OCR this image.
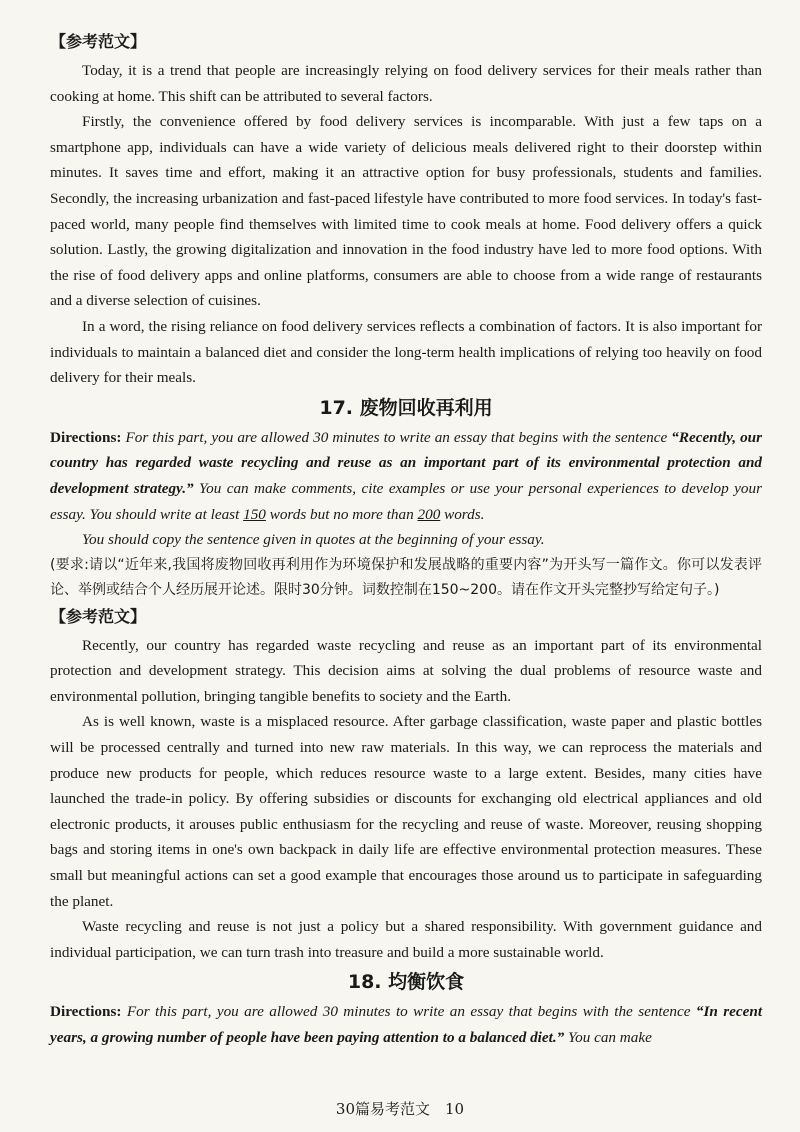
【参考范文】

Today, it is a trend that people are increasingly relying on food delivery services for their meals rather than cooking at home. This shift can be attributed to several factors.

Firstly, the convenience offered by food delivery services is incomparable. With just a few taps on a smartphone app, individuals can have a wide variety of delicious meals delivered right to their doorstep within minutes. It saves time and effort, making it an attractive option for busy professionals, students and families. Secondly, the increasing urbanization and fast-paced lifestyle have contributed to more food services. In today's fast-paced world, many people find themselves with limited time to cook meals at home. Food delivery offers a quick solution. Lastly, the growing digitalization and innovation in the food industry have led to more food options. With the rise of food delivery apps and online platforms, consumers are able to choose from a wide range of restaurants and a diverse selection of cuisines.

In a word, the rising reliance on food delivery services reflects a combination of factors. It is also important for individuals to maintain a balanced diet and consider the long-term health implications of relying too heavily on food delivery for their meals.

17. 废物回收再利用

Directions: For this part, you are allowed 30 minutes to write an essay that begins with the sentence “Recently, our country has regarded waste recycling and reuse as an important part of its environmental protection and development strategy.” You can make comments, cite examples or use your personal experiences to develop your essay. You should write at least 150 words but no more than 200 words.

You should copy the sentence given in quotes at the beginning of your essay.

(要求:请以“近年来,我国将废物回收再利用作为环境保护和发展战略的重要内容”为开头写一篇作文。你可以发表评论、举例或结合个人经历展开论述。限时30分钟。词数控制在150~200。请在作文开头完整抄写给定句子。)

【参考范文】

Recently, our country has regarded waste recycling and reuse as an important part of its environmental protection and development strategy. This decision aims at solving the dual problems of resource waste and environmental pollution, bringing tangible benefits to society and the Earth.

As is well known, waste is a misplaced resource. After garbage classification, waste paper and plastic bottles will be processed centrally and turned into new raw materials. In this way, we can reprocess the materials and produce new products for people, which reduces resource waste to a large extent. Besides, many cities have launched the trade-in policy. By offering subsidies or discounts for exchanging old electrical appliances and old electronic products, it arouses public enthusiasm for the recycling and reuse of waste. Moreover, reusing shopping bags and storing items in one's own backpack in daily life are effective environmental protection measures. These small but meaningful actions can set a good example that encourages those around us to participate in safeguarding the planet.

Waste recycling and reuse is not just a policy but a shared responsibility. With government guidance and individual participation, we can turn trash into treasure and build a more sustainable world.

18. 均衡饮食

Directions: For this part, you are allowed 30 minutes to write an essay that begins with the sentence “In recent years, a growing number of people have been paying attention to a balanced diet.” You can make

30篇易考范文　10
